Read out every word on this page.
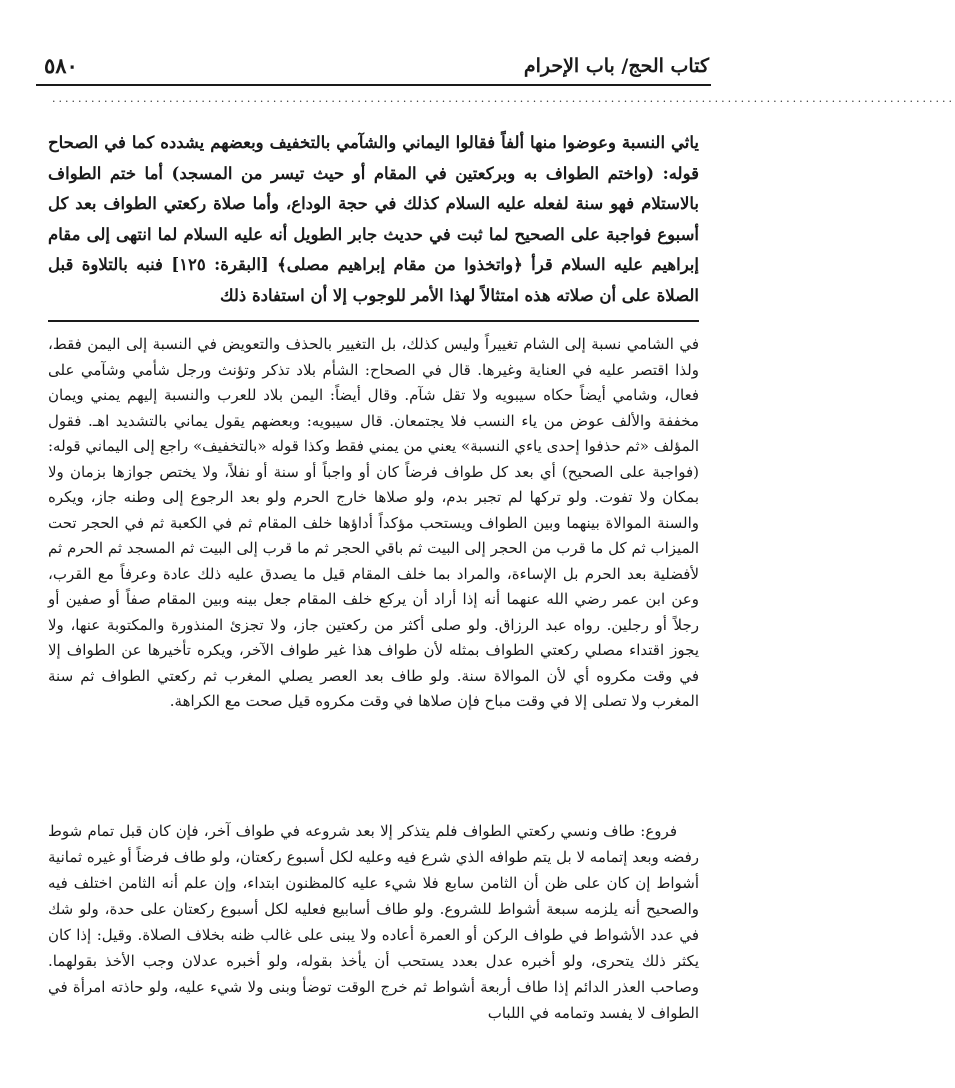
٥٨٠	كتاب الحج/ باب الإحرام
...........................................................................................................................................

ياثي النسبة وعوضوا منها ألفاً فقالوا اليماني والشآمي بالتخفيف وبعضهم يشدده كما في الصحاح قوله: (واختم الطواف به وبركعتين في المقام أو حيث تيسر من المسجد) أما ختم الطواف بالاستلام فهو سنة لفعله عليه السلام كذلك في حجة الوداع، وأما صلاة ركعتي الطواف بعد كل أسبوع فواجبة على الصحيح لما ثبت في حديث جابر الطويل أنه عليه السلام لما انتهى إلى مقام إبراهيم عليه السلام قرأ ﴿واتخذوا من مقام إبراهيم مصلى﴾ [البقرة: ١٢٥] فنبه بالتلاوة قبل الصلاة على أن صلاته هذه امتثالاً لهذا الأمر للوجوب إلا أن استفادة ذلك

في الشامي نسبة إلى الشام تغييراً وليس كذلك، بل التغيير بالحذف والتعويض في النسبة إلى اليمن فقط، ولذا اقتصر عليه في العناية وغيرها. قال في الصحاح: الشأم بلاد تذكر وتؤنث ورجل شأمي وشآمي على فعال، وشامي أيضاً حكاه سيبويه ولا تقل شآم. وقال أيضاً: اليمن بلاد للعرب والنسبة إليهم يمني ويمان مخففة والألف عوض من ياء النسب فلا يجتمعان. قال سيبويه: وبعضهم يقول يماني بالتشديد اهـ. فقول المؤلف «ثم حذفوا إحدى ياءي النسبة» يعني من يمني فقط وكذا قوله «بالتخفيف» راجع إلى اليماني قوله: (فواجبة على الصحيح) أي بعد كل طواف فرضاً كان أو واجباً أو سنة أو نفلاً، ولا يختص جوازها بزمان ولا بمكان ولا تفوت. ولو تركها لم تجبر بدم، ولو صلاها خارج الحرم ولو بعد الرجوع إلى وطنه جاز، ويكره والسنة الموالاة بينهما وبين الطواف ويستحب مؤكداً أداؤها خلف المقام ثم في الكعبة ثم في الحجر تحت الميزاب ثم كل ما قرب من الحجر إلى البيت ثم باقي الحجر ثم ما قرب إلى البيت ثم المسجد ثم الحرم ثم لأفضلية بعد الحرم بل الإساءة، والمراد بما خلف المقام قيل ما يصدق عليه ذلك عادة وعرفاً مع القرب، وعن ابن عمر رضي الله عنهما أنه إذا أراد أن يركع خلف المقام جعل بينه وبين المقام صفاً أو صفين أو رجلاً أو رجلين. رواه عبد الرزاق. ولو صلى أكثر من ركعتين جاز، ولا تجزئ المنذورة والمكتوبة عنها، ولا يجوز اقتداء مصلي ركعتي الطواف بمثله لأن طواف هذا غير طواف الآخر، ويكره تأخيرها عن الطواف إلا في وقت مكروه أي لأن الموالاة سنة. ولو طاف بعد العصر يصلي المغرب ثم ركعتي الطواف ثم سنة المغرب ولا تصلى إلا في وقت مباح فإن صلاها في وقت مكروه قيل صحت مع الكراهة.

فروع: طاف ونسي ركعتي الطواف فلم يتذكر إلا بعد شروعه في طواف آخر، فإن كان قبل تمام شوط رفضه وبعد إتمامه لا بل يتم طوافه الذي شرع فيه وعليه لكل أسبوع ركعتان، ولو طاف فرضاً أو غيره ثمانية أشواط إن كان على ظن أن الثامن سابع فلا شيء عليه كالمظنون ابتداء، وإن علم أنه الثامن اختلف فيه والصحيح أنه يلزمه سبعة أشواط للشروع. ولو طاف أسابيع فعليه لكل أسبوع ركعتان على حدة، ولو شك في عدد الأشواط في طواف الركن أو العمرة أعاده ولا يبنى على غالب ظنه بخلاف الصلاة. وقيل: إذا كان يكثر ذلك يتحرى، ولو أخبره عدل بعدد يستحب أن يأخذ بقوله، ولو أخبره عدلان وجب الأخذ بقولهما. وصاحب العذر الدائم إذا طاف أربعة أشواط ثم خرج الوقت توضأ وبنى ولا شيء عليه، ولو حاذته امرأة في الطواف لا يفسد وتمامه في اللباب
